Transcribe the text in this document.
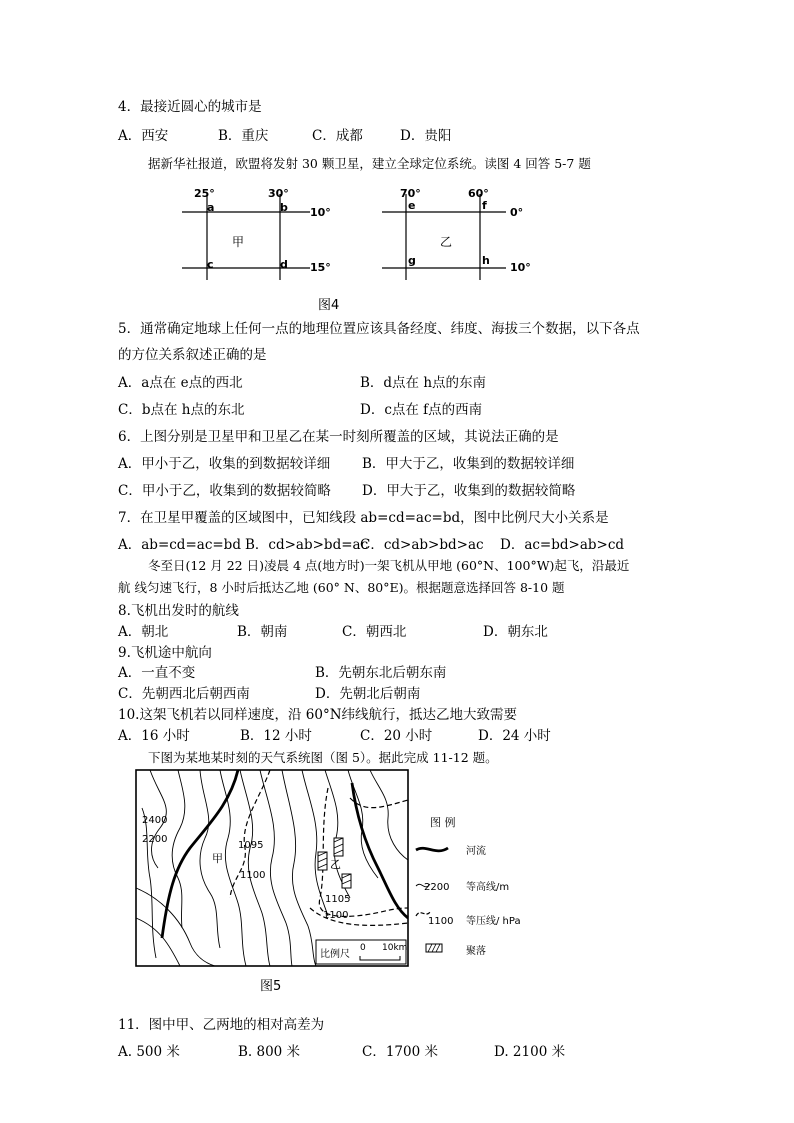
4．最接近圆心的城市是
A．西安	B．重庆	C．成都	D．贵阳
据新华社报道，欧盟将发射 30 颗卫星，建立全球定位系统。读图 4 回答 5-7 题
25°	30°
10°
15°
a	b
c	d
甲
70°	60°
0°
10°
e	f
g	h
乙
图4
5．通常确定地球上任何一点的地理位置应该具备经度、纬度、海拔三个数据，以下各点
的方位关系叙述正确的是
A．a点在 e点的西北	B．d点在 h点的东南
C．b点在 h点的东北	D．c点在 f点的西南
6．上图分别是卫星甲和卫星乙在某一时刻所覆盖的区域，其说法正确的是
A．甲小于乙，收集的到数据较详细 B．甲大于乙，收集到的数据较详细
C．甲小于乙，收集到的数据较简略 D．甲大于乙，收集到的数据较简略
7．在卫星甲覆盖的区域图中，已知线段 ab=cd=ac=bd，图中比例尺大小关系是
A．ab=cd=ac=bd B．cd>ab>bd=ac
C．cd>ab>bd>ac D．ac=bd>ab>cd
冬至日(12 月 22 日)凌晨 4 点(地方时)一架飞机从甲地 (60°N、100°W)起飞，沿最近
航 线匀速飞行，8 小时后抵达乙地 (60° N、80°E)。根据题意选择回答 8-10 题
8.飞机出发时的航线
A．朝北	B．朝南	C．朝西北	D．朝东北
9.飞机途中航向
A．一直不变	B．先朝东北后朝东南
C．先朝西北后朝西南	D．先朝北后朝南
10.这架飞机若以同样速度，沿 60°N纬线航行，抵达乙地大致需要
A．16 小时	B．12 小时	C．20 小时	D．24 小时
下图为某地某时刻的天气系统图（图 5）。据此完成 11-12 题。
2400
2200
1095
1100
1105
1100
甲	乙
比例尺
0 10km
图 例
河流
2200 等高线/m
1100 等压线/ hPa
聚落
图5
11．图中甲、乙两地的相对高差为
A. 500 米	B. 800 米	C．1700 米	D. 2100 米
